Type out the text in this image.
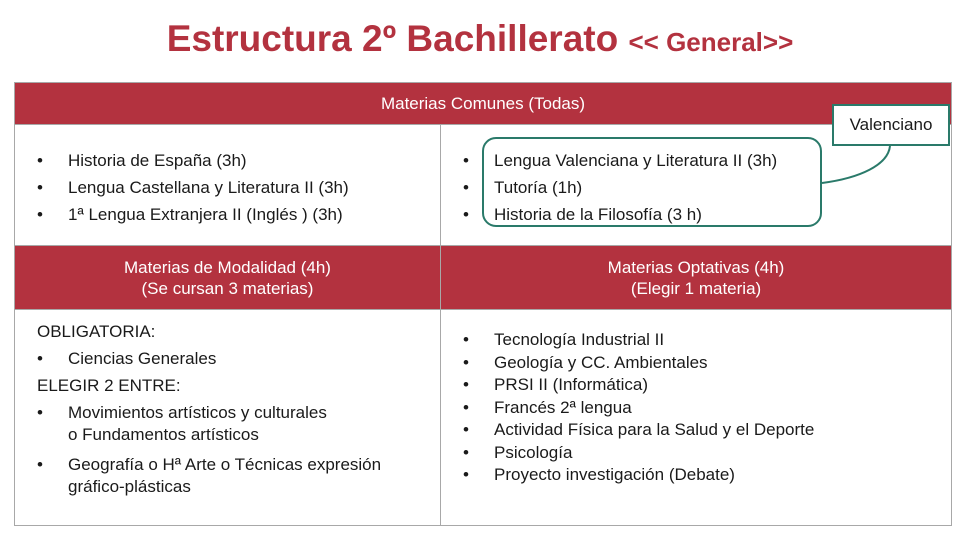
Estructura 2º Bachillerato << General>>
Materias Comunes (Todas)
• Historia de España (3h)
• Lengua Castellana y Literatura II (3h)
• 1ª Lengua Extranjera II (Inglés ) (3h)
• Lengua Valenciana y Literatura II (3h)
• Tutoría (1h)
• Historia de la Filosofía (3 h)
Materias de Modalidad (4h)
(Se cursan 3 materias)
Materias Optativas (4h)
(Elegir 1 materia)
OBLIGATORIA:
• Ciencias Generales
ELEGIR 2 ENTRE:
• Movimientos artísticos y culturales
o Fundamentos artísticos
• Geografía o Hª Arte o Técnicas expresión
gráfico-plásticas
• Tecnología Industrial II
• Geología y CC. Ambientales
• PRSI II (Informática)
• Francés 2ª lengua
• Actividad Física para la Salud y el Deporte
• Psicología
• Proyecto investigación (Debate)
Valenciano
